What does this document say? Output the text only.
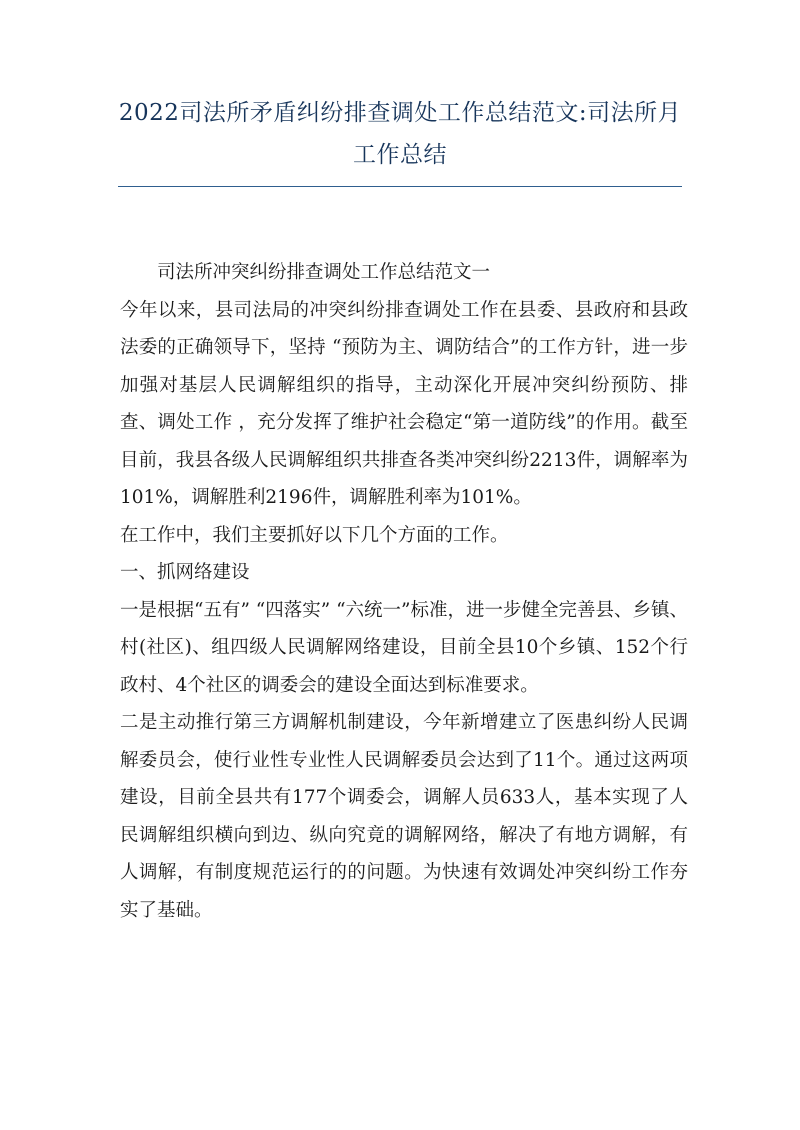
2022司法所矛盾纠纷排查调处工作总结范文:司法所月工作总结

司法所冲突纠纷排查调处工作总结范文一

今年以来，县司法局的冲突纠纷排查调处工作在县委、县政府和县政法委的正确领导下，坚持 “预防为主、调防结合”的工作方针，进一步加强对基层人民调解组织的指导，主动深化开展冲突纠纷预防、排查、调处工作 ，充分发挥了维护社会稳定“第一道防线”的作用。截至目前，我县各级人民调解组织共排查各类冲突纠纷2213件，调解率为101%，调解胜利2196件，调解胜利率为101%。

在工作中，我们主要抓好以下几个方面的工作。

一、抓网络建设

一是根据“五有” “四落实” “六统一”标准，进一步健全完善县、乡镇、村(社区)、组四级人民调解网络建设，目前全县10个乡镇、152个行政村、4个社区的调委会的建设全面达到标准要求。

二是主动推行第三方调解机制建设，今年新增建立了医患纠纷人民调解委员会，使行业性专业性人民调解委员会达到了11个。通过这两项建设，目前全县共有177个调委会，调解人员633人，基本实现了人民调解组织横向到边、纵向究竟的调解网络，解决了有地方调解，有人调解，有制度规范运行的的问题。为快速有效调处冲突纠纷工作夯实了基础。
